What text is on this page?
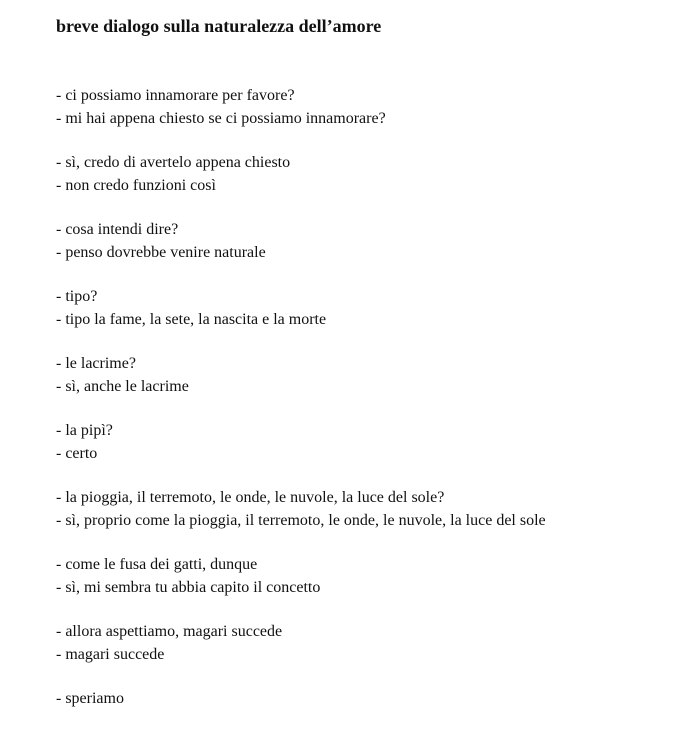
breve dialogo sulla naturalezza dell’amore
- ci possiamo innamorare per favore?
- mi hai appena chiesto se ci possiamo innamorare?
- sì, credo di avertelo appena chiesto
- non credo funzioni così
- cosa intendi dire?
- penso dovrebbe venire naturale
- tipo?
- tipo la fame, la sete, la nascita e la morte
- le lacrime?
- sì, anche le lacrime
- la pipì?
- certo
- la pioggia, il terremoto, le onde, le nuvole, la luce del sole?
- sì, proprio come la pioggia, il terremoto, le onde, le nuvole, la luce del sole
- come le fusa dei gatti, dunque
- sì, mi sembra tu abbia capito il concetto
- allora aspettiamo, magari succede
- magari succede
- speriamo
